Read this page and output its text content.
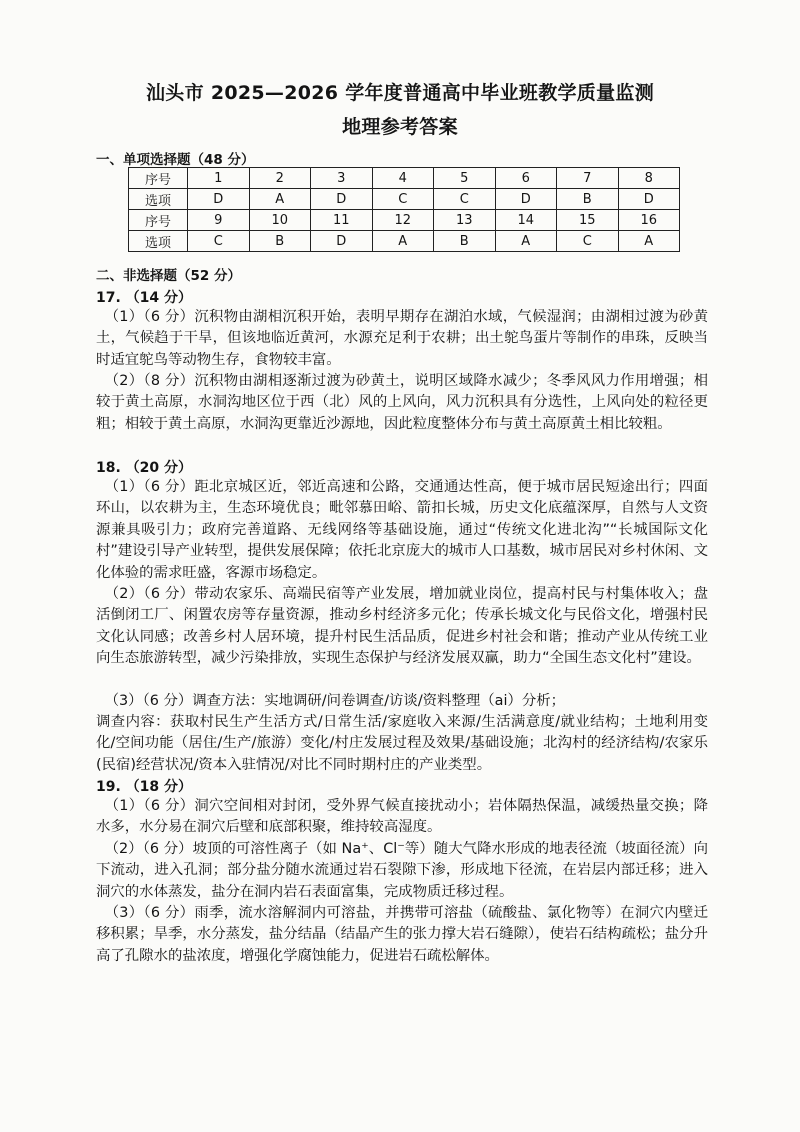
汕头市 2025—2026 学年度普通高中毕业班教学质量监测
地理参考答案
一、单项选择题（48 分）
序号	1	2	3	4	5	6	7	8
选项	D	A	D	C	C	D	B	D
序号	9	10	11	12	13	14	15	16
选项	C	B	D	A	B	A	C	A
二、非选择题（52 分）
17. （14 分）
（1）（6 分）沉积物由湖相沉积开始，表明早期存在湖泊水域，气候湿润；由湖相过渡为砂黄土，气候趋于干旱，但该地临近黄河，水源充足利于农耕；出土鸵鸟蛋片等制作的串珠，反映当时适宜鸵鸟等动物生存，食物较丰富。
（2）（8 分）沉积物由湖相逐渐过渡为砂黄土，说明区域降水减少；冬季风风力作用增强；相较于黄土高原，水洞沟地区位于西（北）风的上风向，风力沉积具有分选性，上风向处的粒径更粗；相较于黄土高原，水洞沟更靠近沙源地，因此粒度整体分布与黄土高原黄土相比较粗。
18. （20 分）
（1）（6 分）距北京城区近，邻近高速和公路，交通通达性高，便于城市居民短途出行；四面环山，以农耕为主，生态环境优良；毗邻慕田峪、箭扣长城，历史文化底蕴深厚，自然与人文资源兼具吸引力；政府完善道路、无线网络等基础设施，通过“传统文化进北沟”“长城国际文化村”建设引导产业转型，提供发展保障；依托北京庞大的城市人口基数，城市居民对乡村休闲、文化体验的需求旺盛，客源市场稳定。
（2）（6 分）带动农家乐、高端民宿等产业发展，增加就业岗位，提高村民与村集体收入；盘活倒闭工厂、闲置农房等存量资源，推动乡村经济多元化；传承长城文化与民俗文化，增强村民文化认同感；改善乡村人居环境，提升村民生活品质，促进乡村社会和谐；推动产业从传统工业向生态旅游转型，减少污染排放，实现生态保护与经济发展双赢，助力“全国生态文化村”建设。
（3）（6 分）调查方法：实地调研/问卷调查/访谈/资料整理（ai）分析；
调查内容：获取村民生产生活方式/日常生活/家庭收入来源/生活满意度/就业结构；土地利用变化/空间功能（居住/生产/旅游）变化/村庄发展过程及效果/基础设施；北沟村的经济结构/农家乐(民宿)经营状况/资本入驻情况/对比不同时期村庄的产业类型。
19. （18 分）
（1）（6 分）洞穴空间相对封闭，受外界气候直接扰动小；岩体隔热保温，减缓热量交换；降水多，水分易在洞穴后壁和底部积聚，维持较高湿度。
（2）（6 分）坡顶的可溶性离子（如 Na⁺、Cl⁻等）随大气降水形成的地表径流（坡面径流）向下流动，进入孔洞；部分盐分随水流通过岩石裂隙下渗，形成地下径流，在岩层内部迁移；进入洞穴的水体蒸发，盐分在洞内岩石表面富集，完成物质迁移过程。
（3）（6 分）雨季，流水溶解洞内可溶盐，并携带可溶盐（硫酸盐、氯化物等）在洞穴内壁迁移积累；旱季，水分蒸发，盐分结晶（结晶产生的张力撑大岩石缝隙），使岩石结构疏松；盐分升高了孔隙水的盐浓度，增强化学腐蚀能力，促进岩石疏松解体。
